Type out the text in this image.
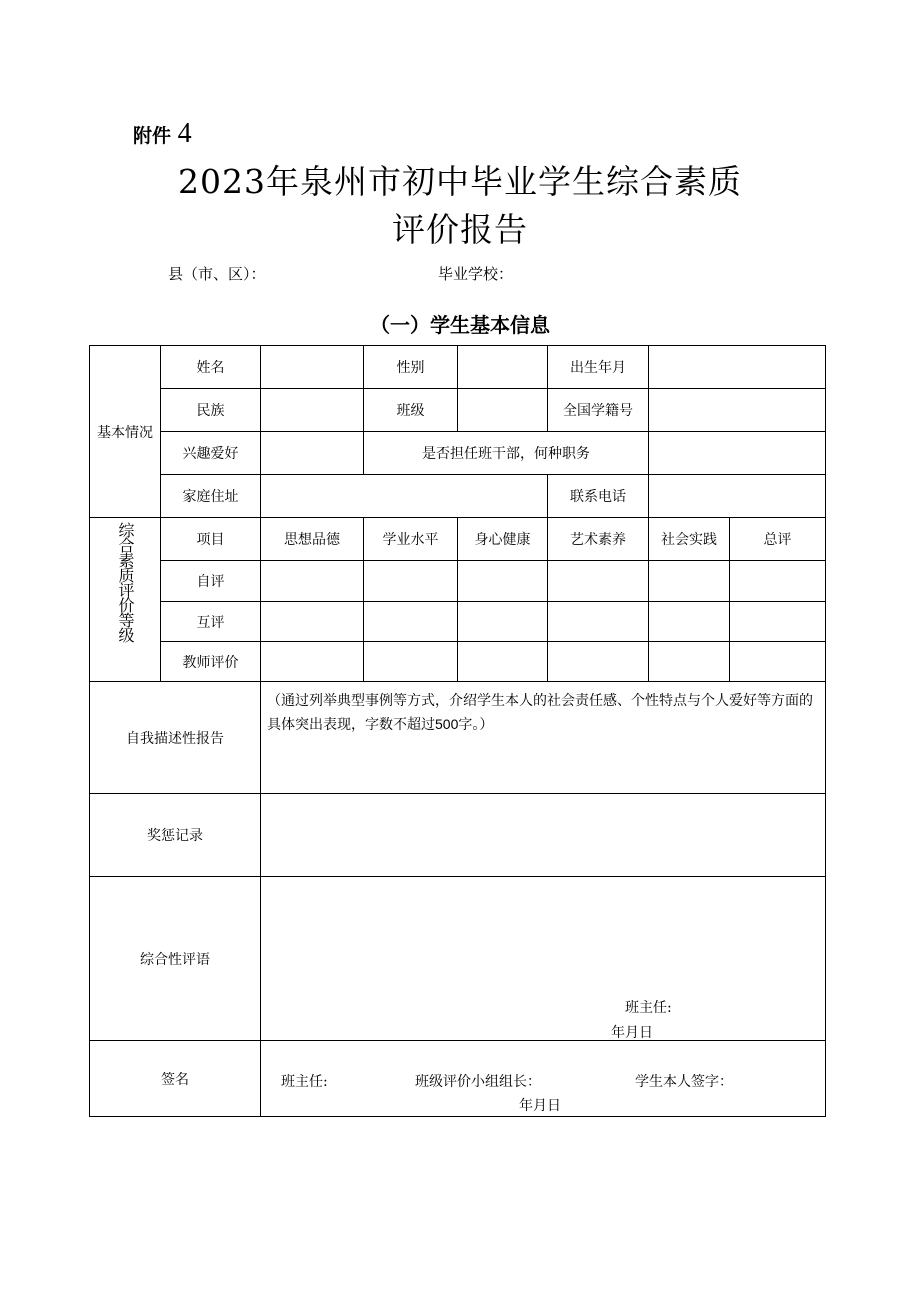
附件 4
2023年泉州市初中毕业学生综合素质
评价报告
县（市、区）：	毕业学校：
（一）学生基本信息
基本情况	姓名		性别		出生年月		
	民族		班级		全国学籍号		
	兴趣爱好		是否担任班干部，何种职务				
	家庭住址				联系电话		
综合素质评价等级	项目	思想品德	学业水平	身心健康	艺术素养	社会实践	总评
	自评						
	互评						
	教师评价						
自我描述性报告		（通过列举典型事例等方式，介绍学生本人的社会责任感、个性特点与个人爱好等方面的具体突出表现，字数不超过500字。）					
奖惩记录							
综合性评语		班主任:
年月日					

签名		班主任: 班级评价小组组长： 学生本人签字：
年月日					
